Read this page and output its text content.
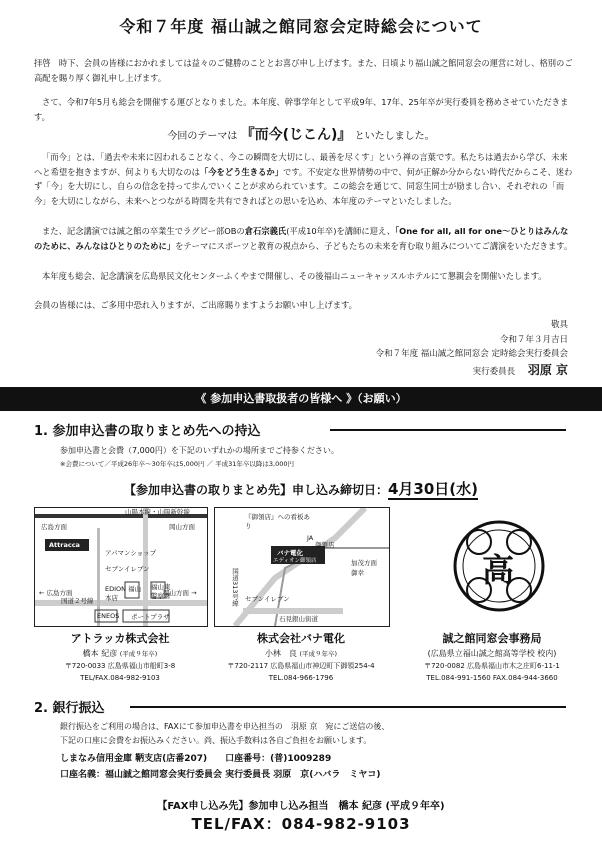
令和７年度 福山誠之館同窓会定時総会について
拝啓　時下、会員の皆様におかれましては益々のご健勝のこととお喜び申し上げます。また、日頃より福山誠之館同窓会の運営に対し、格別のご高配を賜り厚く御礼申し上げます。
さて、令和7年5月も総会を開催する運びとなりました。本年度、幹事学年として平成9年、17年、25年卒が実行委員を務めさせていただきます。
今回のテーマは 『而今(じこん)』 といたしました。
「而今」とは、「過去や未来に囚われることなく、今この瞬間を大切にし、最善を尽くす」という禅の言葉です。私たちは過去から学び、未来へと希望を抱きますが、何よりも大切なのは「今をどう生きるか」です。不安定な世界情勢の中で、何が正解か分からない時代だからこそ、迷わず「今」を大切にし、自らの信念を持って歩んでいくことが求められています。この総会を通じて、同窓生同士が励まし合い、それぞれの「而今」を大切にしながら、未来へとつながる時間を共有できればとの思いを込め、本年度のテーマといたしました。
また、記念講演では誠之館の卒業生でラグビー部OBの倉石宗義氏(平成10年卒)を講師に迎え、「One for all, all for one〜ひとりはみんなのために、みんなはひとりのために」をテーマにスポーツと教育の視点から、子どもたちの未来を育む取り組みについてご講演をいただきます。
本年度も総会、記念講演を広島県民文化センターふくやまで開催し、その後福山ニューキャッスルホテルにて懇親会を開催いたします。
会員の皆様には、ご多用中恐れ入りますが、ご出席賜りますようお願い申し上げます。
敬具
令和７年３月吉日
令和７年度 福山誠之館同窓会 定時総会実行委員会
実行委員長 羽原 京
《 参加申込書取扱者の皆様へ 》（お願い）
1. 参加申込書の取りまとめ先への持込
参加申込書と会費（7,000円）を下記のいずれかの場所までご持参ください。
※会費について／平成26年卒〜30年卒は5,000円 ／ 平成31年卒以降は3,000円
【参加申込書の取りまとめ先】申し込み締切日：4月30日(水)
山陽本線・山陽新幹線
広島方面	岡山方面
Attracca
アパマンショップ
セブンイレブン
EDION 福山本店
福山東警察署
国道２号線
ENEOS ポートプラザ
← 広島方面	岡山方面 →
『御領店』への看板あり
JA
御領店
バナ電化
エディオン御領店
国道313号線 セブンイレブン
石見銀山街道
加茂方面
御幸	高
アトラッカ株式会社
橋本 紀彦 (平成９年卒)
〒720-0033 広島県福山市船町3-8
TEL/FAX.084-982-9103
株式会社バナ電化
小林　良 (平成９年卒)
〒720-2117 広島県福山市神辺町下御領254-4
TEL.084-966-1796
誠之館同窓会事務局
(広島県立福山誠之館高等学校 校内)
〒720-0082 広島県福山市木之庄町6-11-1
TEL.084-991-1560 FAX.084-944-3660
2. 銀行振込
銀行振込をご利用の場合は、FAXにて参加申込書を申込担当の　羽原 京　宛にご送信の後、
下記の口座に会費をお振込みください。尚、振込手数料は各自ご負担をお願いします。
しまなみ信用金庫 鞆支店(店番207)　　口座番号：(普)1009289
口座名義：福山誠之館同窓会実行委員会 実行委員長 羽原　京(ハバラ　ミヤコ)
【FAX申し込み先】参加申し込み担当　橋本 紀彦 (平成９年卒)
TEL/FAX：084-982-9103
